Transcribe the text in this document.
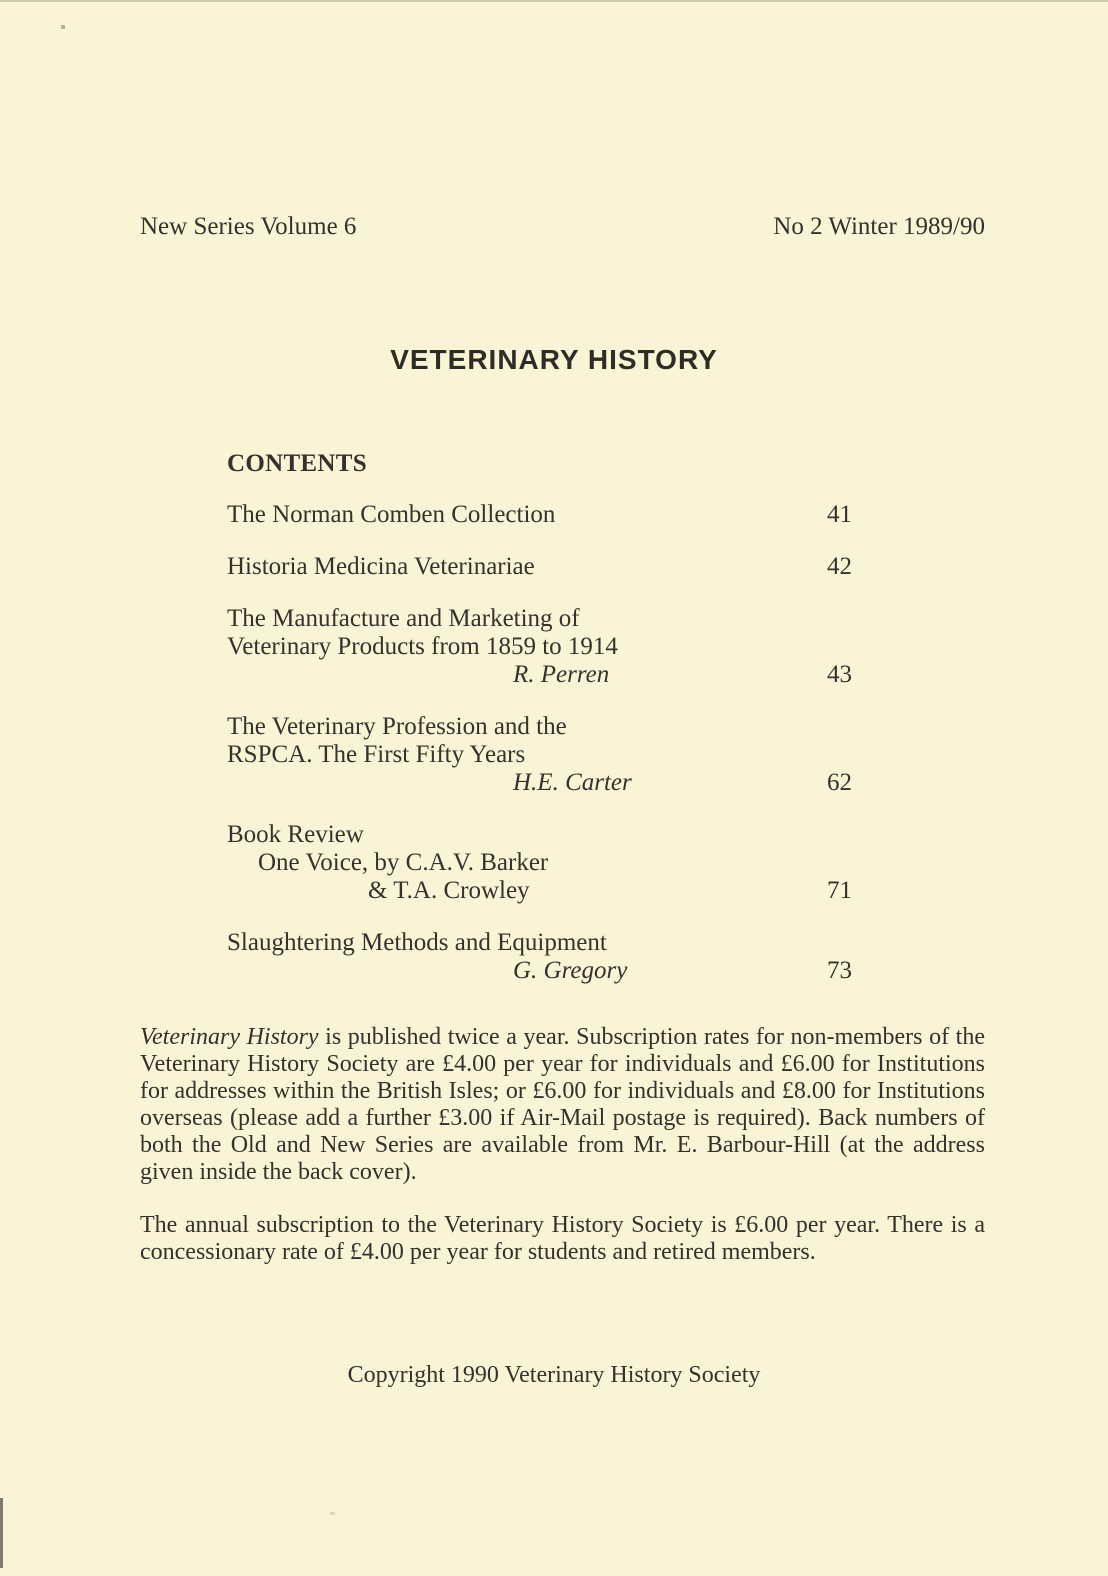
New Series Volume 6	No 2 Winter 1989/90
VETERINARY HISTORY
CONTENTS
The Norman Comben Collection	41
Historia Medicina Veterinariae	42
The Manufacture and Marketing of
Veterinary Products from 1859 to 1914
R. Perren	43
The Veterinary Profession and the
RSPCA. The First Fifty Years
H.E. Carter	62
Book Review
One Voice, by C.A.V. Barker
& T.A. Crowley	71
Slaughtering Methods and Equipment
G. Gregory	73

Veterinary History is published twice a year. Subscription rates for non-members of the Veterinary History Society are £4.00 per year for individuals and £6.00 for Institutions for addresses within the British Isles; or £6.00 for individuals and £8.00 for Institutions overseas (please add a further £3.00 if Air-Mail postage is required). Back numbers of both the Old and New Series are available from Mr. E. Barbour-Hill (at the address given inside the back cover).

The annual subscription to the Veterinary History Society is £6.00 per year. There is a concessionary rate of £4.00 per year for students and retired members.

Copyright 1990 Veterinary History Society
